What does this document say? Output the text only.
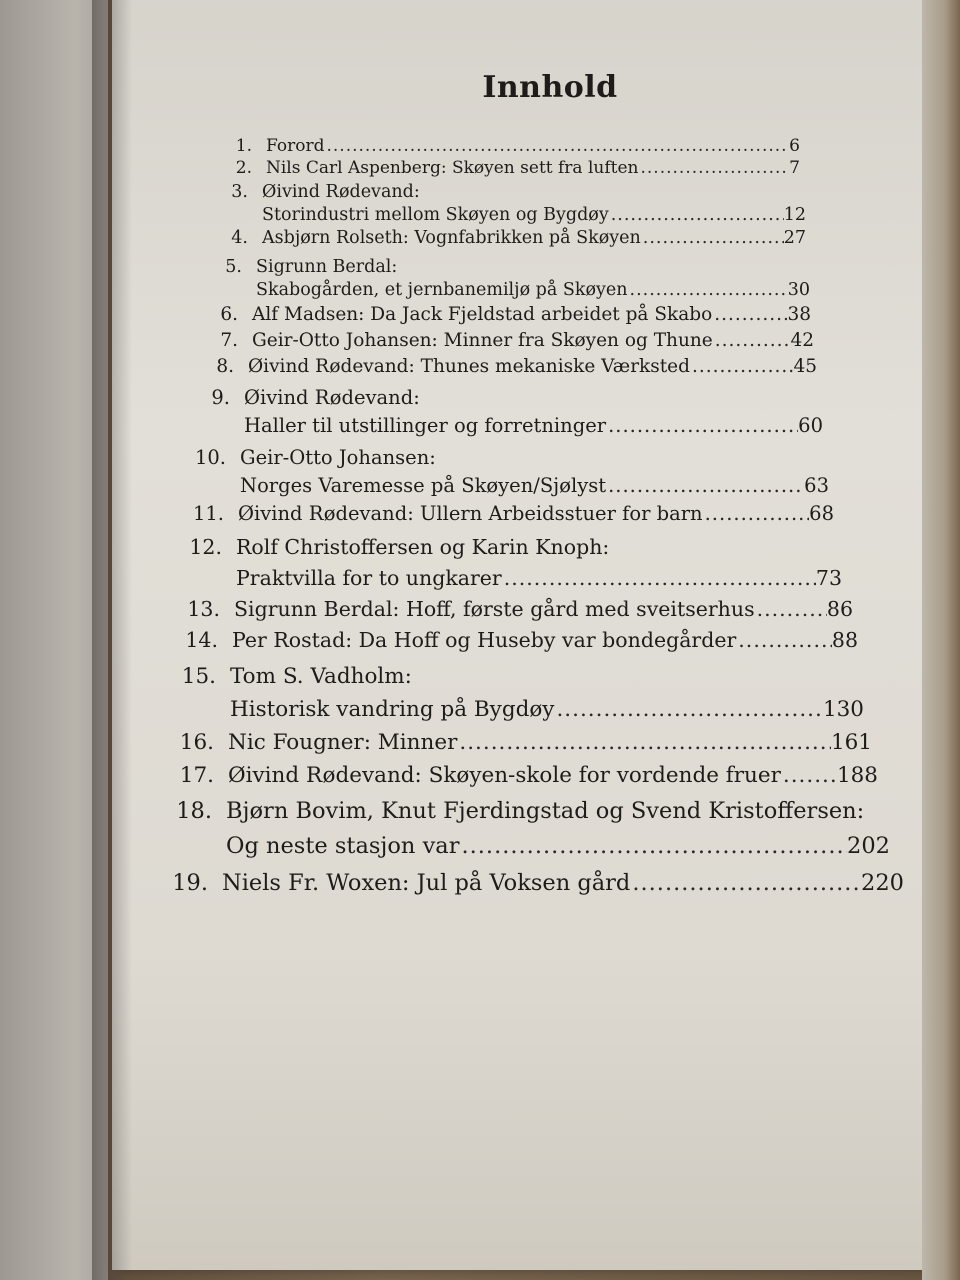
Innhold
1. Forord .....	6
2. Nils Carl Aspenberg: Skøyen sett fra luften .....	7
3. Øivind Rødevand:
Storindustri mellom Skøyen og Bygdøy .....	12
4. Asbjørn Rolseth: Vognfabrikken på Skøyen .....	27
5. Sigrunn Berdal:
Skabogården, et jernbanemiljø på Skøyen .....	30
6. Alf Madsen: Da Jack Fjeldstad arbeidet på Skabo .....	38
7. Geir-Otto Johansen: Minner fra Skøyen og Thune .....	42
8. Øivind Rødevand: Thunes mekaniske Værksted .....	45
9. Øivind Rødevand:
Haller til utstillinger og forretninger .....	60
10. Geir-Otto Johansen:
Norges Varemesse på Skøyen/Sjølyst .....	63
11. Øivind Rødevand: Ullern Arbeidsstuer for barn .....	68
12. Rolf Christoffersen og Karin Knoph:
Praktvilla for to ungkarer .....	73
13. Sigrunn Berdal: Hoff, første gård med sveitserhus .....	86
14. Per Rostad: Da Hoff og Huseby var bondegårder .....	88
15. Tom S. Vadholm:
Historisk vandring på Bygdøy .....	130
16. Nic Fougner: Minner .....	161
17. Øivind Rødevand: Skøyen-skole for vordende fruer .....	188
18. Bjørn Bovim, Knut Fjerdingstad og Svend Kristoffersen:
Og neste stasjon var .....	202
19. Niels Fr. Woxen: Jul på Voksen gård .....	220
